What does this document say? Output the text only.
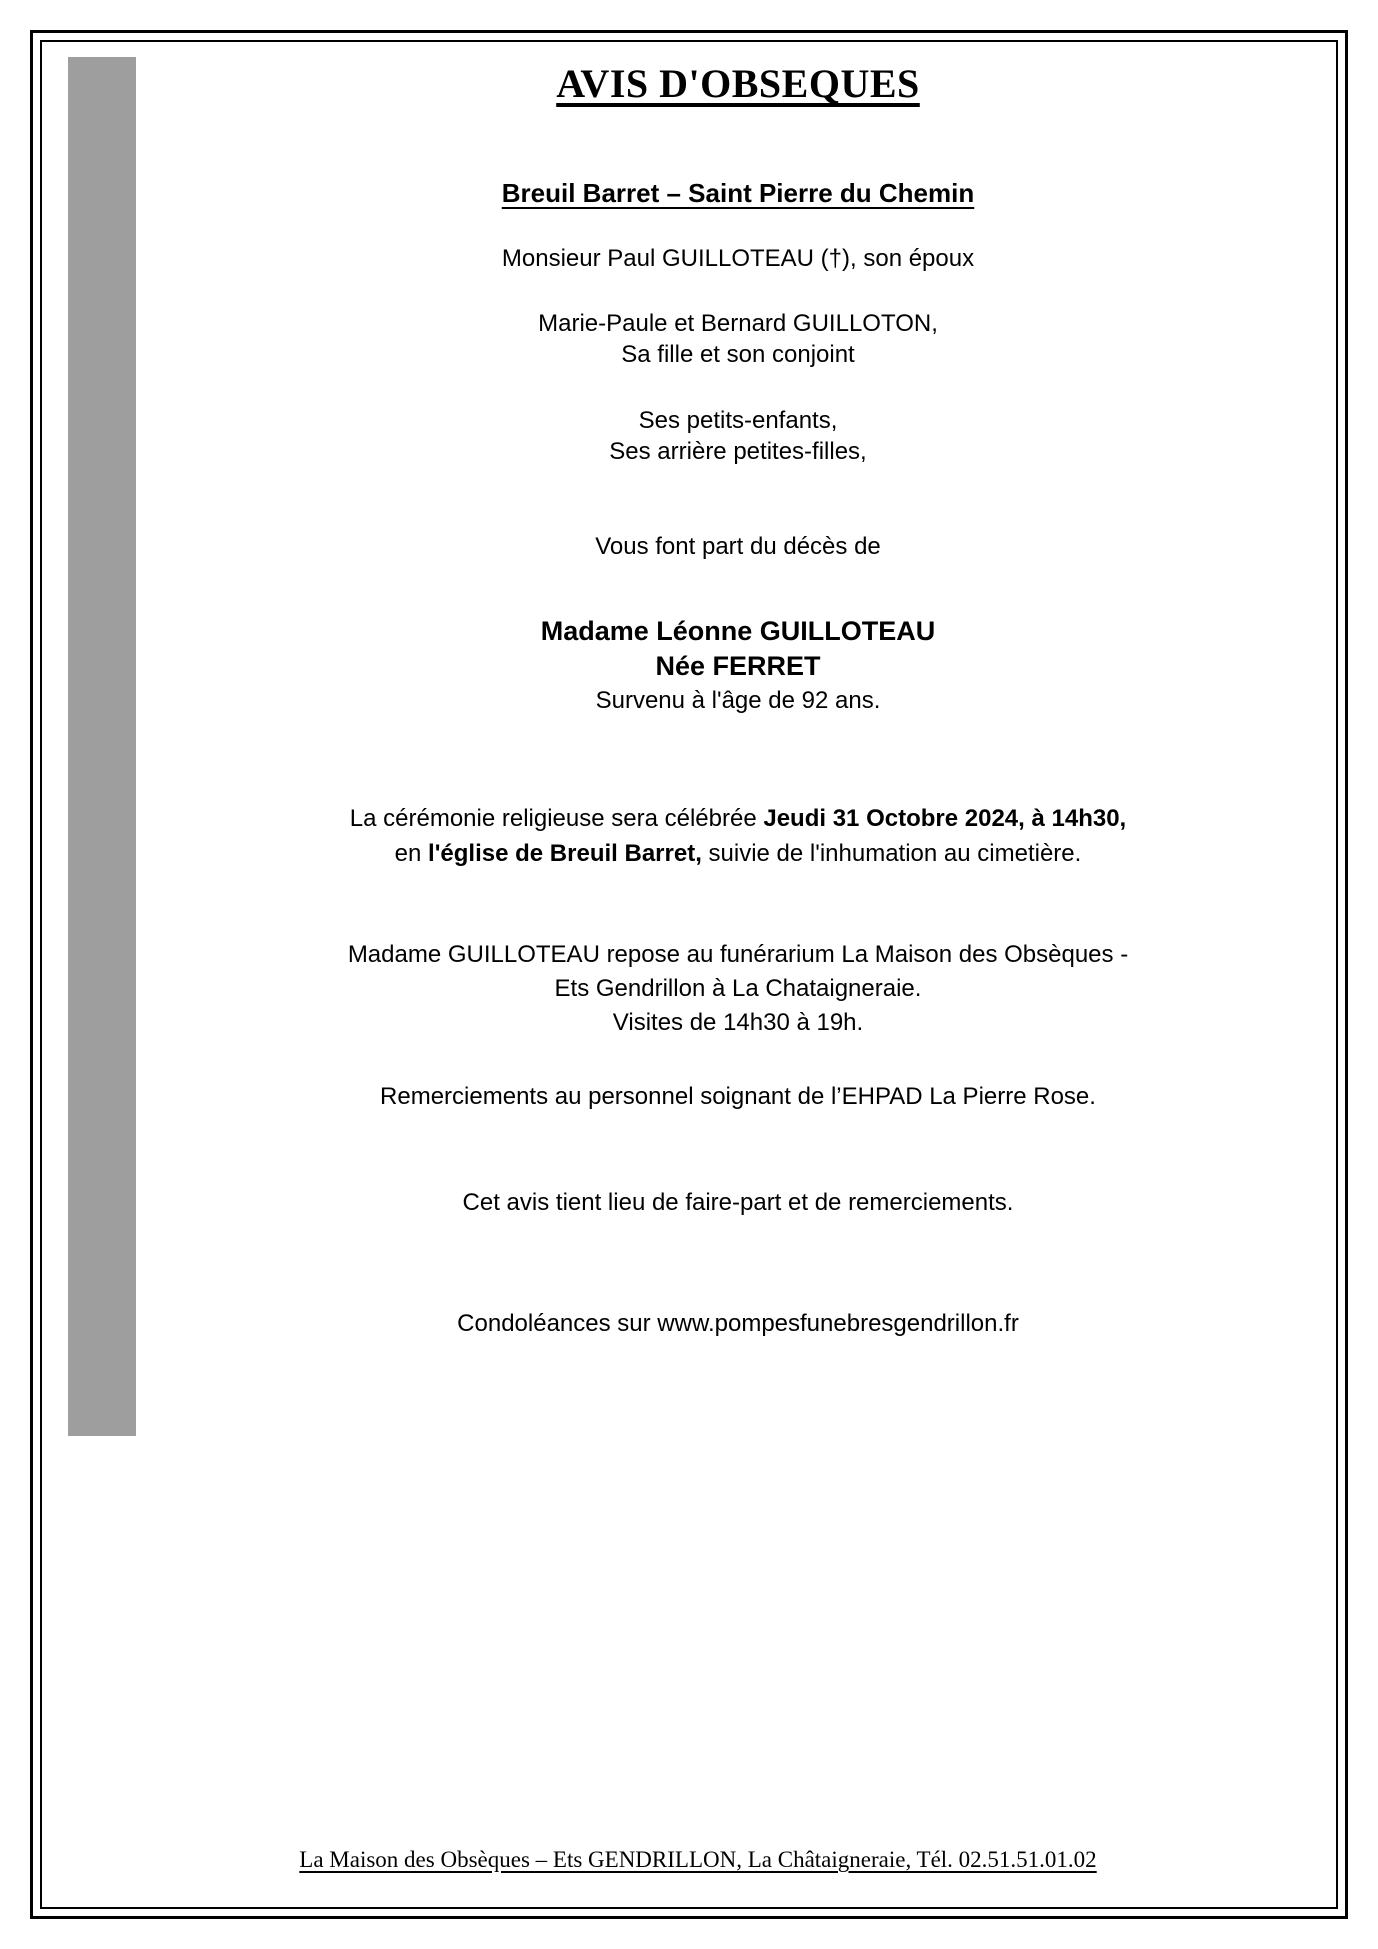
AVIS D'OBSEQUES
Breuil Barret – Saint Pierre du Chemin
Monsieur Paul GUILLOTEAU (†), son époux
Marie-Paule et Bernard GUILLOTON,
Sa fille et son conjoint
Ses petits-enfants,
Ses arrière petites-filles,
Vous font part du décès de
Madame Léonne GUILLOTEAU
Née FERRET
Survenu à l'âge de 92 ans.
La cérémonie religieuse sera célébrée Jeudi 31 Octobre 2024, à 14h30,
en l'église de Breuil Barret, suivie de l'inhumation au cimetière.
Madame GUILLOTEAU repose au funérarium La Maison des Obsèques -
Ets Gendrillon à La Chataigneraie.
Visites de 14h30 à 19h.
Remerciements au personnel soignant de l’EHPAD La Pierre Rose.
Cet avis tient lieu de faire-part et de remerciements.
Condoléances sur www.pompesfunebresgendrillon.fr
La Maison des Obsèques – Ets GENDRILLON, La Châtaigneraie, Tél. 02.51.51.01.02
